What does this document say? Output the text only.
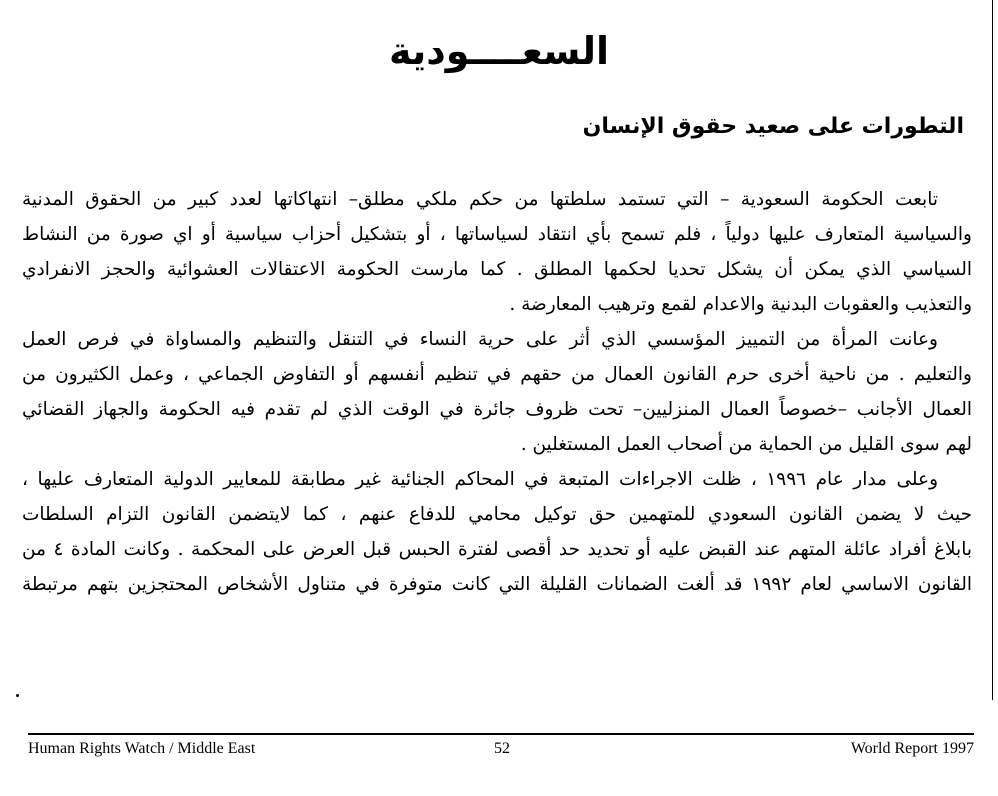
السعــــودية
التطورات على صعيد حقوق الإنسان
تابعت الحكومة السعودية – التي تستمد سلطتها من حكم ملكي مطلق– انتهاكاتها لعدد كبير من الحقوق المدنية
والسياسية المتعارف عليها دولياً ، فلم تسمح بأي انتقاد لسياساتها ، أو بتشكيل أحزاب سياسية أو اي صورة من النشاط
السياسي الذي يمكن أن يشكل تحديا لحكمها المطلق . كما مارست الحكومة الاعتقالات العشوائية والحجز الانفرادي
والتعذيب والعقوبات البدنية والاعدام لقمع وترهيب المعارضة .
وعانت المرأة من التمييز المؤسسي الذي أثر على حرية النساء في التنقل والتنظيم والمساواة في فرص العمل
والتعليم . من ناحية أخرى حرم القانون العمال من حقهم في تنظيم أنفسهم أو التفاوض الجماعي ، وعمل الكثيرون من
العمال الأجانب –خصوصاً العمال المنزليين– تحت ظروف جائرة في الوقت الذي لم تقدم فيه الحكومة والجهاز القضائي
لهم سوى القليل من الحماية من أصحاب العمل المستغلين .
وعلى مدار عام ١٩٩٦ ، ظلت الاجراءات المتبعة في المحاكم الجنائية غير مطابقة للمعايير الدولية المتعارف عليها ،
حيث لا يضمن القانون السعودي للمتهمين حق توكيل محامي للدفاع عنهم ، كما لايتضمن القانون التزام السلطات
بابلاغ أفراد عائلة المتهم عند القبض عليه أو تحديد حد أقصى لفترة الحبس قبل العرض على المحكمة . وكانت المادة ٤ من
القانون الاساسي لعام ١٩٩٢ قد ألغت الضمانات القليلة التي كانت متوفرة في متناول الأشخاص المحتجزين بتهم مرتبطة
Human Rights Watch / Middle East	52	World Report 1997
